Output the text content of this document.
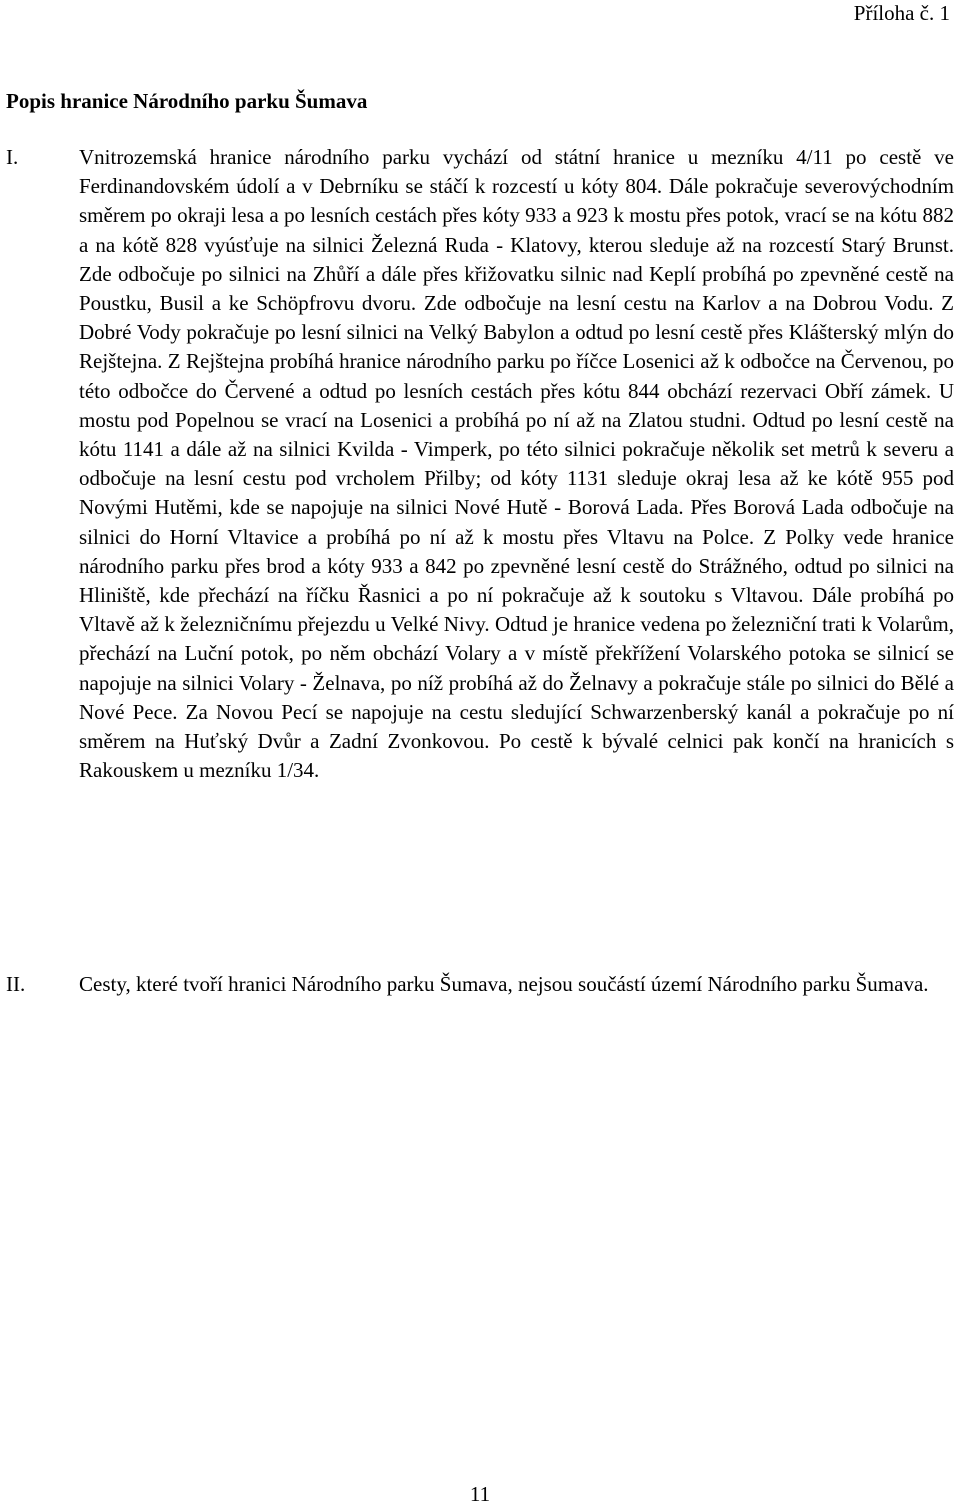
Příloha č. 1
Popis hranice Národního parku Šumava
I.	Vnitrozemská hranice národního parku vychází od státní hranice u mezníku 4/11 po cestě ve Ferdinandovském údolí a v Debrníku se stáčí k rozcestí u kóty 804. Dále pokračuje severovýchodním směrem po okraji lesa a po lesních cestách přes kóty 933 a 923 k mostu přes potok, vrací se na kótu 882 a na kótě 828 vyúsťuje na silnici Železná Ruda - Klatovy, kterou sleduje až na rozcestí Starý Brunst. Zde odbočuje po silnici na Zhůří a dále přes křižovatku silnic nad Keplí probíhá po zpevněné cestě na Poustku, Busil a ke Schöpfrovu dvoru. Zde odbočuje na lesní cestu na Karlov a na Dobrou Vodu. Z Dobré Vody pokračuje po lesní silnici na Velký Babylon a odtud po lesní cestě přes Klášterský mlýn do Rejštejna. Z Rejštejna probíhá hranice národního parku po říčce Losenici až k odbočce na Červenou, po této odbočce do Červené a odtud po lesních cestách přes kótu 844 obchází rezervaci Obří zámek. U mostu pod Popelnou se vrací na Losenici a probíhá po ní až na Zlatou studni. Odtud po lesní cestě na kótu 1141 a dále až na silnici Kvilda - Vimperk, po této silnici pokračuje několik set metrů k severu a odbočuje na lesní cestu pod vrcholem Přilby; od kóty 1131 sleduje okraj lesa až ke kótě 955 pod Novými Hutěmi, kde se napojuje na silnici Nové Hutě - Borová Lada. Přes Borová Lada odbočuje na silnici do Horní Vltavice a probíhá po ní až k mostu přes Vltavu na Polce. Z Polky vede hranice národního parku přes brod a kóty 933 a 842 po zpevněné lesní cestě do Strážného, odtud po silnici na Hliniště, kde přechází na říčku Řasnici a po ní pokračuje až k soutoku s Vltavou. Dále probíhá po Vltavě až k železničnímu přejezdu u Velké Nivy. Odtud je hranice vedena po železniční trati k Volarům, přechází na Luční potok, po něm obchází Volary a v místě překřížení Volarského potoka se silnicí se napojuje na silnici Volary - Želnava, po níž probíhá až do Želnavy a pokračuje stále po silnici do Bělé a Nové Pece. Za Novou Pecí se napojuje na cestu sledující Schwarzenberský kanál a pokračuje po ní směrem na Huťský Dvůr a Zadní Zvonkovou. Po cestě k bývalé celnici pak končí na hranicích s Rakouskem u mezníku 1/34.
II.	Cesty, které tvoří hranici Národního parku Šumava, nejsou součástí území Národního parku Šumava.
11
